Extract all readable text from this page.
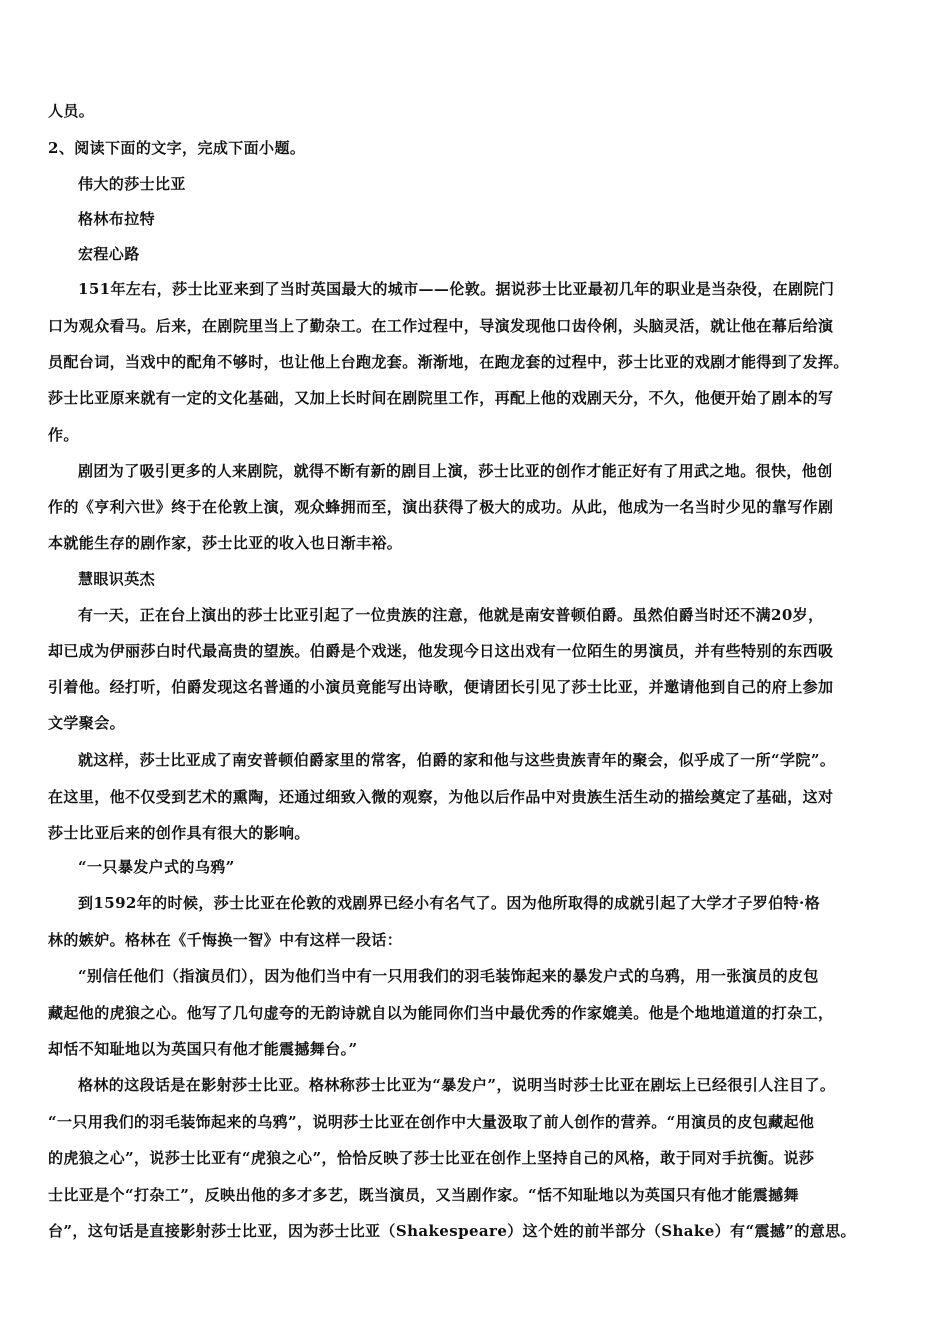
人员。
2、阅读下面的文字，完成下面小题。
伟大的莎士比亚
格林布拉特
宏程心路
151年左右，莎士比亚来到了当时英国最大的城市——伦敦。据说莎士比亚最初几年的职业是当杂役，在剧院门
口为观众看马。后来，在剧院里当上了勤杂工。在工作过程中，导演发现他口齿伶俐，头脑灵活，就让他在幕后给演
员配台词，当戏中的配角不够时，也让他上台跑龙套。渐渐地，在跑龙套的过程中，莎士比亚的戏剧才能得到了发挥。
莎士比亚原来就有一定的文化基础，又加上长时间在剧院里工作，再配上他的戏剧天分，不久，他便开始了剧本的写
作。
剧团为了吸引更多的人来剧院，就得不断有新的剧目上演，莎士比亚的创作才能正好有了用武之地。很快，他创
作的《亨利六世》终于在伦敦上演，观众蜂拥而至，演出获得了极大的成功。从此，他成为一名当时少见的靠写作剧
本就能生存的剧作家，莎士比亚的收入也日渐丰裕。
慧眼识英杰
有一天，正在台上演出的莎士比亚引起了一位贵族的注意，他就是南安普顿伯爵。虽然伯爵当时还不满20岁，
却已成为伊丽莎白时代最高贵的望族。伯爵是个戏迷，他发现今日这出戏有一位陌生的男演员，并有些特别的东西吸
引着他。经打听，伯爵发现这名普通的小演员竟能写出诗歌，便请团长引见了莎士比亚，并邀请他到自己的府上参加
文学聚会。
就这样，莎士比亚成了南安普顿伯爵家里的常客，伯爵的家和他与这些贵族青年的聚会，似乎成了一所“学院”。
在这里，他不仅受到艺术的熏陶，还通过细致入微的观察，为他以后作品中对贵族生活生动的描绘奠定了基础，这对
莎士比亚后来的创作具有很大的影响。
“一只暴发户式的乌鸦”
到1592年的时候，莎士比亚在伦敦的戏剧界已经小有名气了。因为他所取得的成就引起了大学才子罗伯特·格
林的嫉妒。格林在《千悔换一智》中有这样一段话：
“别信任他们（指演员们），因为他们当中有一只用我们的羽毛装饰起来的暴发户式的乌鸦，用一张演员的皮包
藏起他的虎狼之心。他写了几句虚夸的无韵诗就自以为能同你们当中最优秀的作家媲美。他是个地地道道的打杂工，
却恬不知耻地以为英国只有他才能震撼舞台。”
格林的这段话是在影射莎士比亚。格林称莎士比亚为“暴发户”，说明当时莎士比亚在剧坛上已经很引人注目了。
“一只用我们的羽毛装饰起来的乌鸦”，说明莎士比亚在创作中大量汲取了前人创作的营养。“用演员的皮包藏起他
的虎狼之心”，说莎士比亚有“虎狼之心”，恰恰反映了莎士比亚在创作上坚持自己的风格，敢于同对手抗衡。说莎
士比亚是个“打杂工”，反映出他的多才多艺，既当演员，又当剧作家。“恬不知耻地以为英国只有他才能震撼舞
台”，这句话是直接影射莎士比亚，因为莎士比亚（Shakespeare）这个姓的前半部分（Shake）有“震撼”的意思。
